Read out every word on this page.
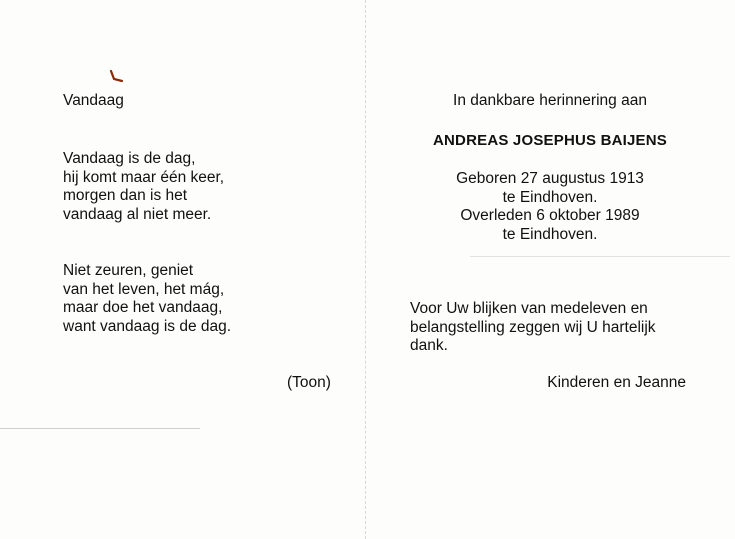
Vandaag
Vandaag is de dag,
hij komt maar één keer,
morgen dan is het
vandaag al niet meer.
Niet zeuren, geniet
van het leven, het mág,
maar doe het vandaag,
want vandaag is de dag.
(Toon)
In dankbare herinnering aan
ANDREAS JOSEPHUS BAIJENS
Geboren 27 augustus 1913
te Eindhoven.
Overleden 6 oktober 1989
te Eindhoven.
Voor Uw blijken van medeleven en
belangstelling zeggen wij U hartelijk
dank.
Kinderen en Jeanne
